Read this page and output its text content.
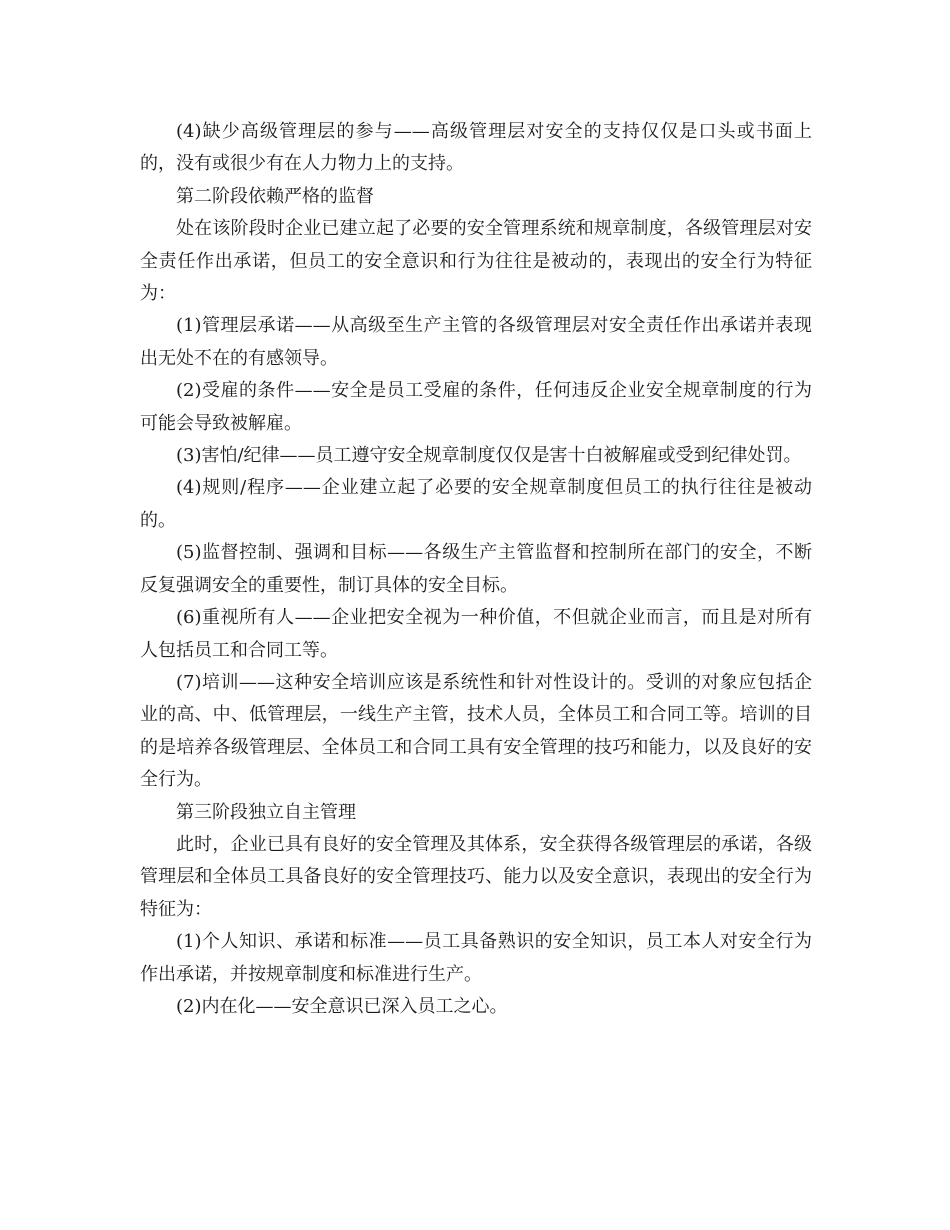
(4)缺少高级管理层的参与——高级管理层对安全的支持仅仅是口头或书面上的，没有或很少有在人力物力上的支持。

第二阶段依赖严格的监督

处在该阶段时企业已建立起了必要的安全管理系统和规章制度，各级管理层对安全责任作出承诺，但员工的安全意识和行为往往是被动的，表现出的安全行为特征为：

(1)管理层承诺——从高级至生产主管的各级管理层对安全责任作出承诺并表现出无处不在的有感领导。

(2)受雇的条件——安全是员工受雇的条件，任何违反企业安全规章制度的行为可能会导致被解雇。

(3)害怕/纪律——员工遵守安全规章制度仅仅是害十白被解雇或受到纪律处罚。

(4)规则/程序——企业建立起了必要的安全规章制度但员工的执行往往是被动的。

(5)监督控制、强调和目标——各级生产主管监督和控制所在部门的安全，不断反复强调安全的重要性，制订具体的安全目标。

(6)重视所有人——企业把安全视为一种价值，不但就企业而言，而且是对所有人包括员工和合同工等。

(7)培训——这种安全培训应该是系统性和针对性设计的。受训的对象应包括企业的高、中、低管理层，一线生产主管，技术人员，全体员工和合同工等。培训的目的是培养各级管理层、全体员工和合同工具有安全管理的技巧和能力，以及良好的安全行为。

第三阶段独立自主管理

此时，企业已具有良好的安全管理及其体系，安全获得各级管理层的承诺，各级管理层和全体员工具备良好的安全管理技巧、能力以及安全意识，表现出的安全行为特征为：

(1)个人知识、承诺和标准——员工具备熟识的安全知识，员工本人对安全行为作出承诺，并按规章制度和标准进行生产。

(2)内在化——安全意识已深入员工之心。
